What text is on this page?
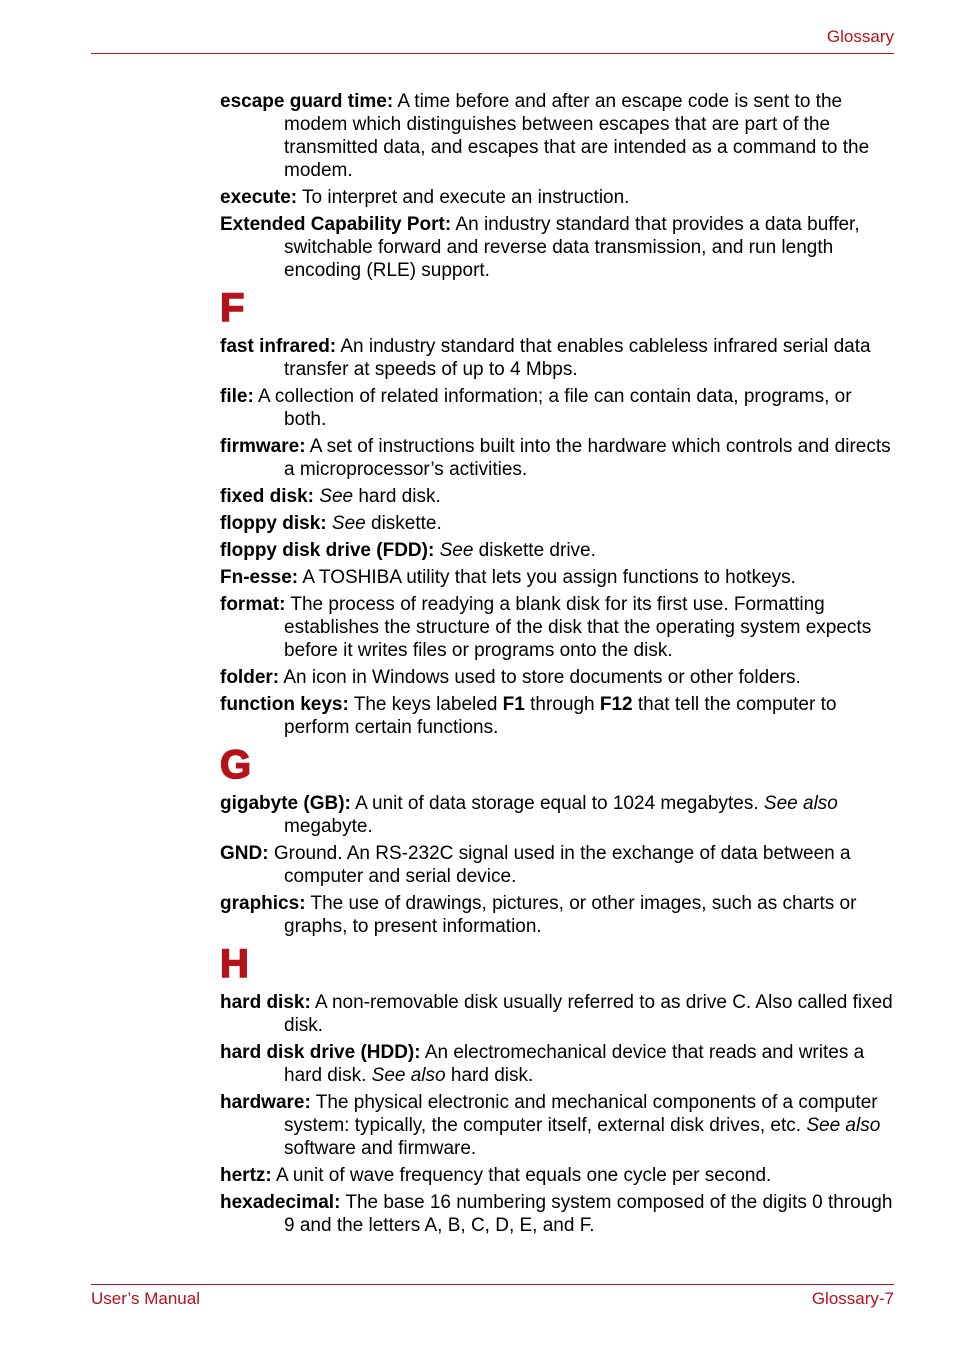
Glossary

escape guard time: A time before and after an escape code is sent to the modem which distinguishes between escapes that are part of the transmitted data, and escapes that are intended as a command to the modem.

execute: To interpret and execute an instruction.

Extended Capability Port: An industry standard that provides a data buffer, switchable forward and reverse data transmission, and run length encoding (RLE) support.

F

fast infrared: An industry standard that enables cableless infrared serial data transfer at speeds of up to 4 Mbps.

file: A collection of related information; a file can contain data, programs, or both.

firmware: A set of instructions built into the hardware which controls and directs a microprocessor’s activities.

fixed disk: See hard disk.

floppy disk: See diskette.

floppy disk drive (FDD): See diskette drive.

Fn-esse: A TOSHIBA utility that lets you assign functions to hotkeys.

format: The process of readying a blank disk for its first use. Formatting establishes the structure of the disk that the operating system expects before it writes files or programs onto the disk.

folder: An icon in Windows used to store documents or other folders.

function keys: The keys labeled F1 through F12 that tell the computer to perform certain functions.

G

gigabyte (GB): A unit of data storage equal to 1024 megabytes. See also megabyte.

GND: Ground. An RS-232C signal used in the exchange of data between a computer and serial device.

graphics: The use of drawings, pictures, or other images, such as charts or graphs, to present information.

H

hard disk: A non-removable disk usually referred to as drive C. Also called fixed disk.

hard disk drive (HDD): An electromechanical device that reads and writes a hard disk. See also hard disk.

hardware: The physical electronic and mechanical components of a computer system: typically, the computer itself, external disk drives, etc. See also software and firmware.

hertz: A unit of wave frequency that equals one cycle per second.

hexadecimal: The base 16 numbering system composed of the digits 0 through 9 and the letters A, B, C, D, E, and F.

User’s Manual	Glossary-7
